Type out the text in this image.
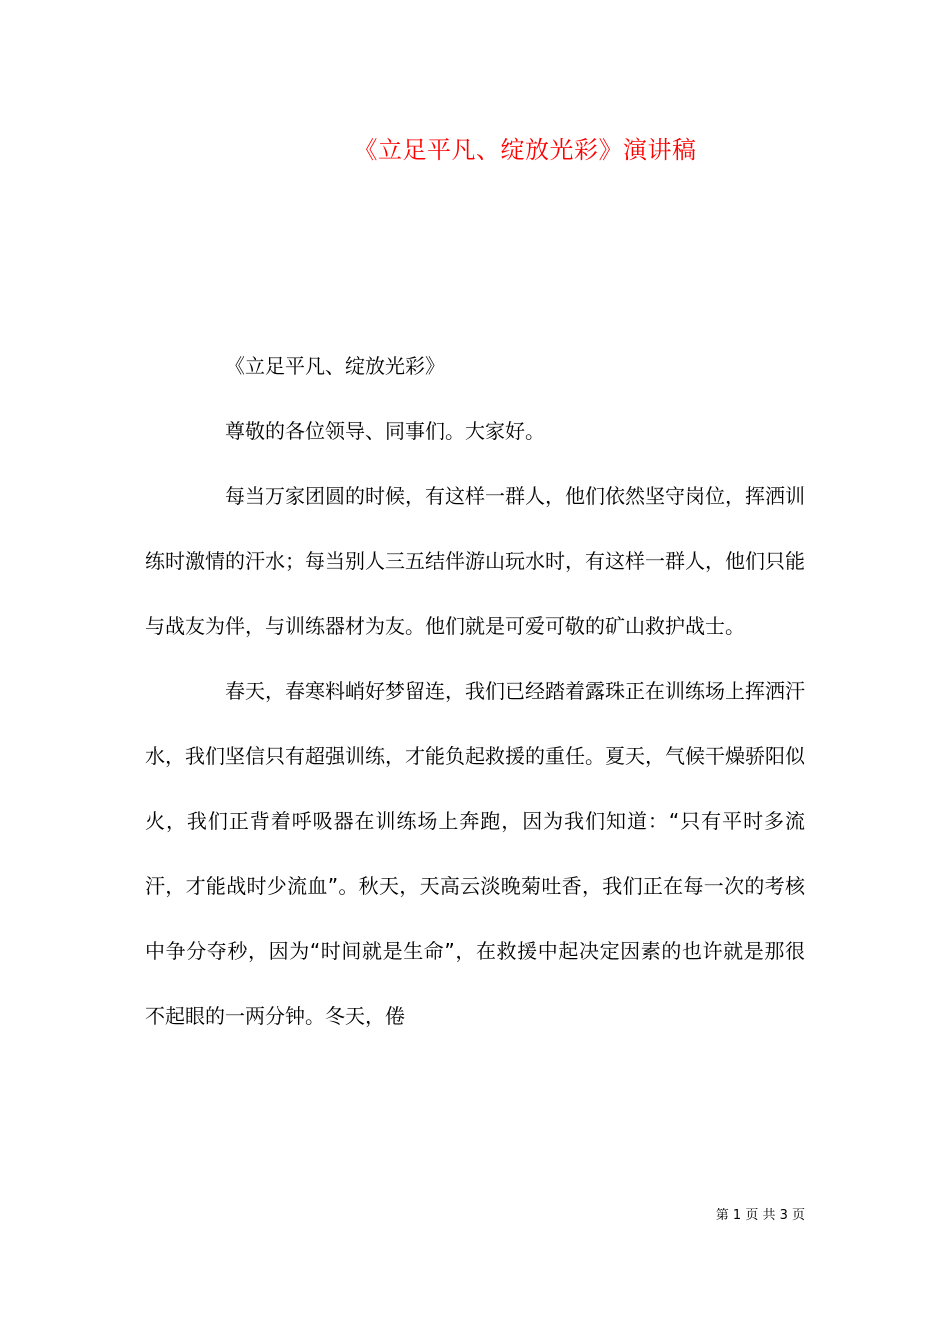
《立足平凡、绽放光彩》演讲稿

《立足平凡、绽放光彩》

尊敬的各位领导、同事们。大家好。

每当万家团圆的时候，有这样一群人，他们依然坚守岗位，挥洒训练时激情的汗水；每当别人三五结伴游山玩水时，有这样一群人，他们只能与战友为伴，与训练器材为友。他们就是可爱可敬的矿山救护战士。

春天，春寒料峭好梦留连，我们已经踏着露珠正在训练场上挥洒汗水，我们坚信只有超强训练，才能负起救援的重任。夏天，气候干燥骄阳似火，我们正背着呼吸器在训练场上奔跑，因为我们知道：“只有平时多流汗，才能战时少流血”。秋天，天高云淡晚菊吐香，我们正在每一次的考核中争分夺秒，因为“时间就是生命”，在救援中起决定因素的也许就是那很不起眼的一两分钟。冬天，倦

第 1 页 共 3 页
